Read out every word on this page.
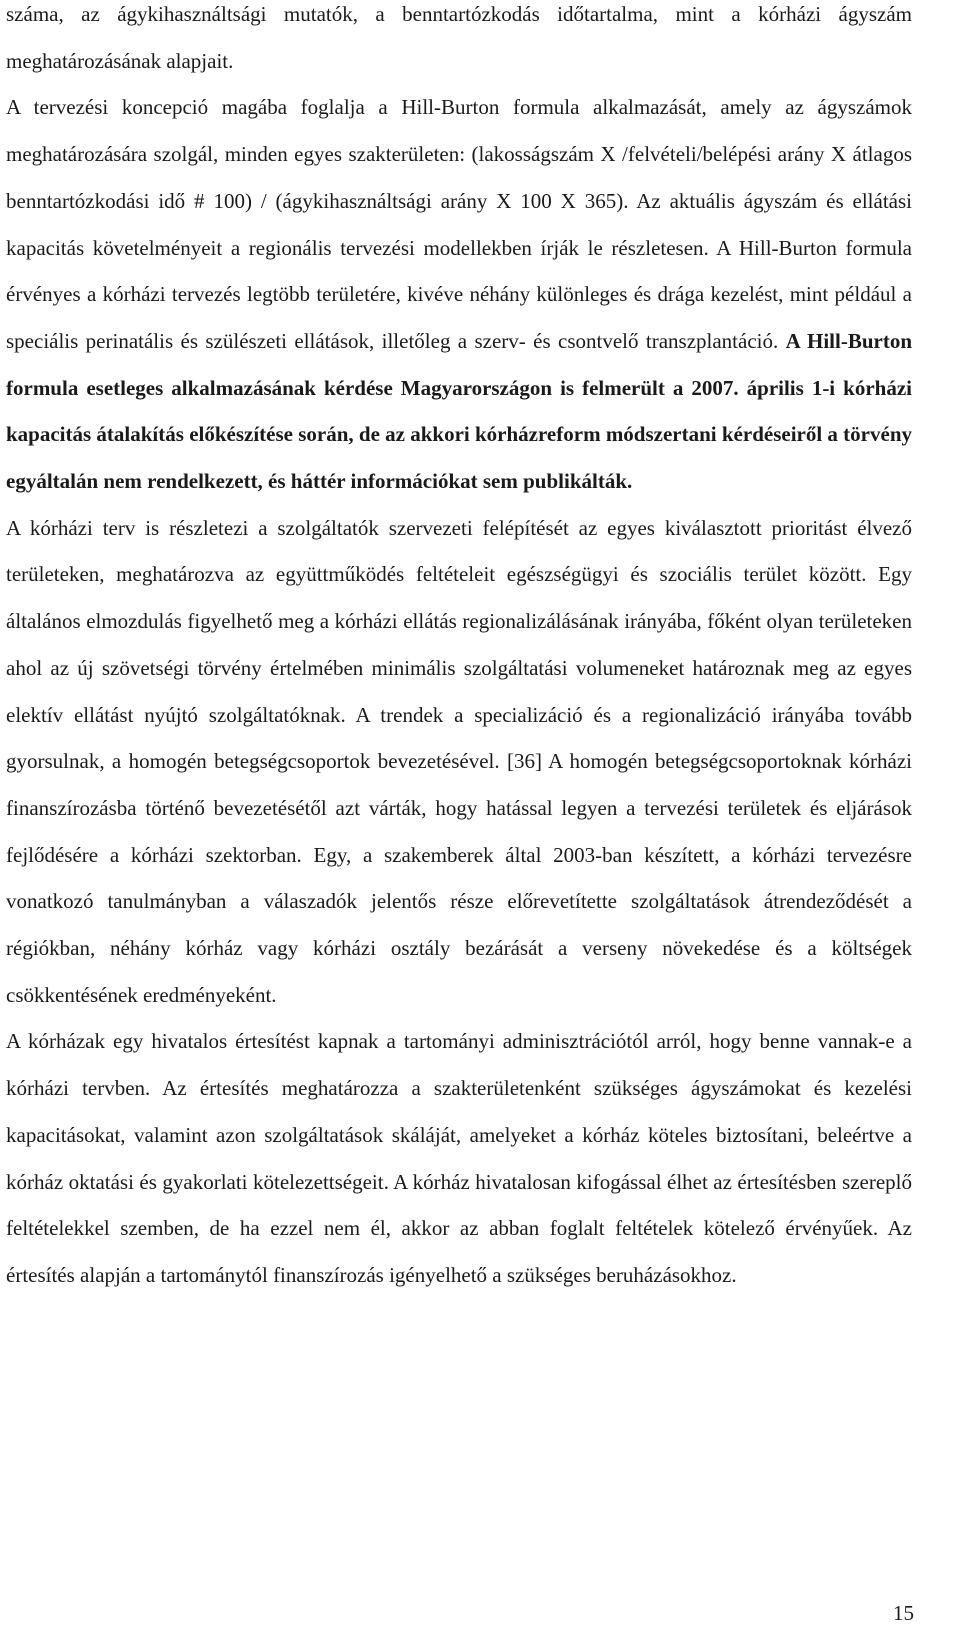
száma, az ágykihasználtsági mutatók, a benntartózkodás időtartalma, mint a kórházi ágyszám meghatározásának alapjait.

A tervezési koncepció magába foglalja a Hill-Burton formula alkalmazását, amely az ágyszámok meghatározására szolgál, minden egyes szakterületen: (lakosságszám X /felvételi/belépési arány X átlagos benntartózkodási idő # 100) / (ágykihasználtsági arány X 100 X 365). Az aktuális ágyszám és ellátási kapacitás követelményeit a regionális tervezési modellekben írják le részletesen. A Hill-Burton formula érvényes a kórházi tervezés legtöbb területére, kivéve néhány különleges és drága kezelést, mint például a speciális perinatális és szülészeti ellátások, illetőleg a szerv- és csontvelő transzplantáció. A Hill-Burton formula esetleges alkalmazásának kérdése Magyarországon is felmerült a 2007. április 1-i kórházi kapacitás átalakítás előkészítése során, de az akkori kórházreform módszertani kérdéseiről a törvény egyáltalán nem rendelkezett, és háttér információkat sem publikálták.

A kórházi terv is részletezi a szolgáltatók szervezeti felépítését az egyes kiválasztott prioritást élvező területeken, meghatározva az együttműködés feltételeit egészségügyi és szociális terület között. Egy általános elmozdulás figyelhető meg a kórházi ellátás regionalizálásának irányába, főként olyan területeken ahol az új szövetségi törvény értelmében minimális szolgáltatási volumeneket határoznak meg az egyes elektív ellátást nyújtó szolgáltatóknak. A trendek a specializáció és a regionalizáció irányába tovább gyorsulnak, a homogén betegségcsoportok bevezetésével. [36] A homogén betegségcsoportoknak kórházi finanszírozásba történő bevezetésétől azt várták, hogy hatással legyen a tervezési területek és eljárások fejlődésére a kórházi szektorban. Egy, a szakemberek által 2003-ban készített, a kórházi tervezésre vonatkozó tanulmányban a válaszadók jelentős része előrevetítette szolgáltatások átrendeződését a régiókban, néhány kórház vagy kórházi osztály bezárását a verseny növekedése és a költségek csökkentésének eredményeként.

A kórházak egy hivatalos értesítést kapnak a tartományi adminisztrációtól arról, hogy benne vannak-e a kórházi tervben. Az értesítés meghatározza a szakterületenként szükséges ágyszámokat és kezelési kapacitásokat, valamint azon szolgáltatások skáláját, amelyeket a kórház köteles biztosítani, beleértve a kórház oktatási és gyakorlati kötelezettségeit. A kórház hivatalosan kifogással élhet az értesítésben szereplő feltételekkel szemben, de ha ezzel nem él, akkor az abban foglalt feltételek kötelező érvényűek. Az értesítés alapján a tartománytól finanszírozás igényelhető a szükséges beruházásokhoz.

15
